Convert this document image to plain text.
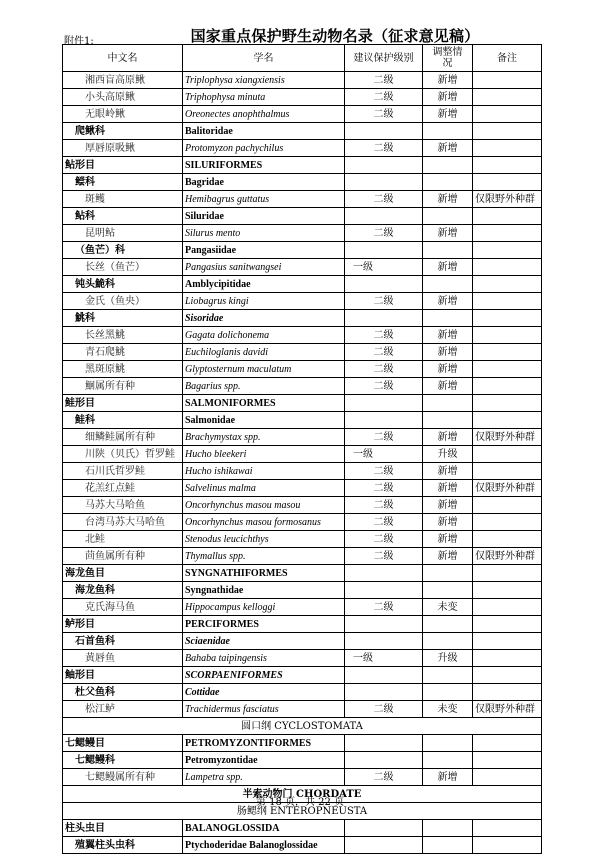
附件1:	国家重点保护野生动物名录（征求意见稿）
中文名	学名	建议保护级别	调整情况	备注
湘西盲高原鳅	Triplophysa xiangxiensis	二级	新增	
小头高原鳅	Triphophysa minuta	二级	新增	
无眼岭鳅	Oreonectes anophthalmus	二级	新增	
爬鳅科	Balitoridae			
厚唇原吸鳅	Protomyzon pachychilus	二级	新增	
鲇形目	SILURIFORMES			
鲿科	Bagridae			
斑鳠	Hemibagrus guttatus	二级	新增	仅限野外种群
鲇科	Siluridae			
昆明鲇	Silurus mento	二级	新增	
（鱼芒）科	Pangasiidae			
长丝（鱼芒）	Pangasius sanitwangsei	一级	新增	
钝头鮠科	Amblycipitidae			
金氏（鱼央）	Liobagrus kingi	二级	新增	
鮡科	Sisoridae			
长丝黑鮡	Gagata dolichonema	二级	新增	
青石爬鮡	Euchiloglanis davidi	二级	新增	
黑斑原鮡	Glyptosternum maculatum	二级	新增	
鮰属所有种	Bagarius spp.	二级	新增	
鲑形目	SALMONIFORMES			
鲑科	Salmonidae			
细鳞鲑属所有种	Brachymystax spp.	二级	新增	仅限野外种群
川陕（贝氏）哲罗鲑	Hucho bleekeri	一级	升级	
石川氏哲罗鲑	Hucho ishikawai	二级	新增	
花羔红点鲑	Salvelinus malma	二级	新增	仅限野外种群
马苏大马哈鱼	Oncorhynchus masou masou	二级	新增	
台湾马苏大马哈鱼	Oncorhynchus masou formosanus	二级	新增	
北鲑	Stenodus leucichthys	二级	新增	
茴鱼属所有种	Thymallus spp.	二级	新增	仅限野外种群
海龙鱼目	SYNGNATHIFORMES			
海龙鱼科	Syngnathidae			
克氏海马鱼	Hippocampus kelloggi	二级	未变	
鲈形目	PERCIFORMES			
石首鱼科	Sciaenidae			
黄唇鱼	Bahaba taipingensis	一级	升级	
鲉形目	SCORPAENIFORMES			
杜父鱼科	Cottidae			
松江鲈	Trachidermus fasciatus	二级	未变	仅限野外种群
圆口纲 CYCLOSTOMATA				
七鳃鳗目	PETROMYZONTIFORMES			
七鳃鳗科	Petromyzontidae			
七鳃鳗属所有种	Lampetra spp.	二级	新增	
半索动物门 CHORDATE				
肠鳃纲 ENTEROPNEUSTA				
柱头虫目	BALANOGLOSSIDA			
殖翼柱头虫科	Ptychoderidae Balanoglossidae			
第 18 页，共 22 页
